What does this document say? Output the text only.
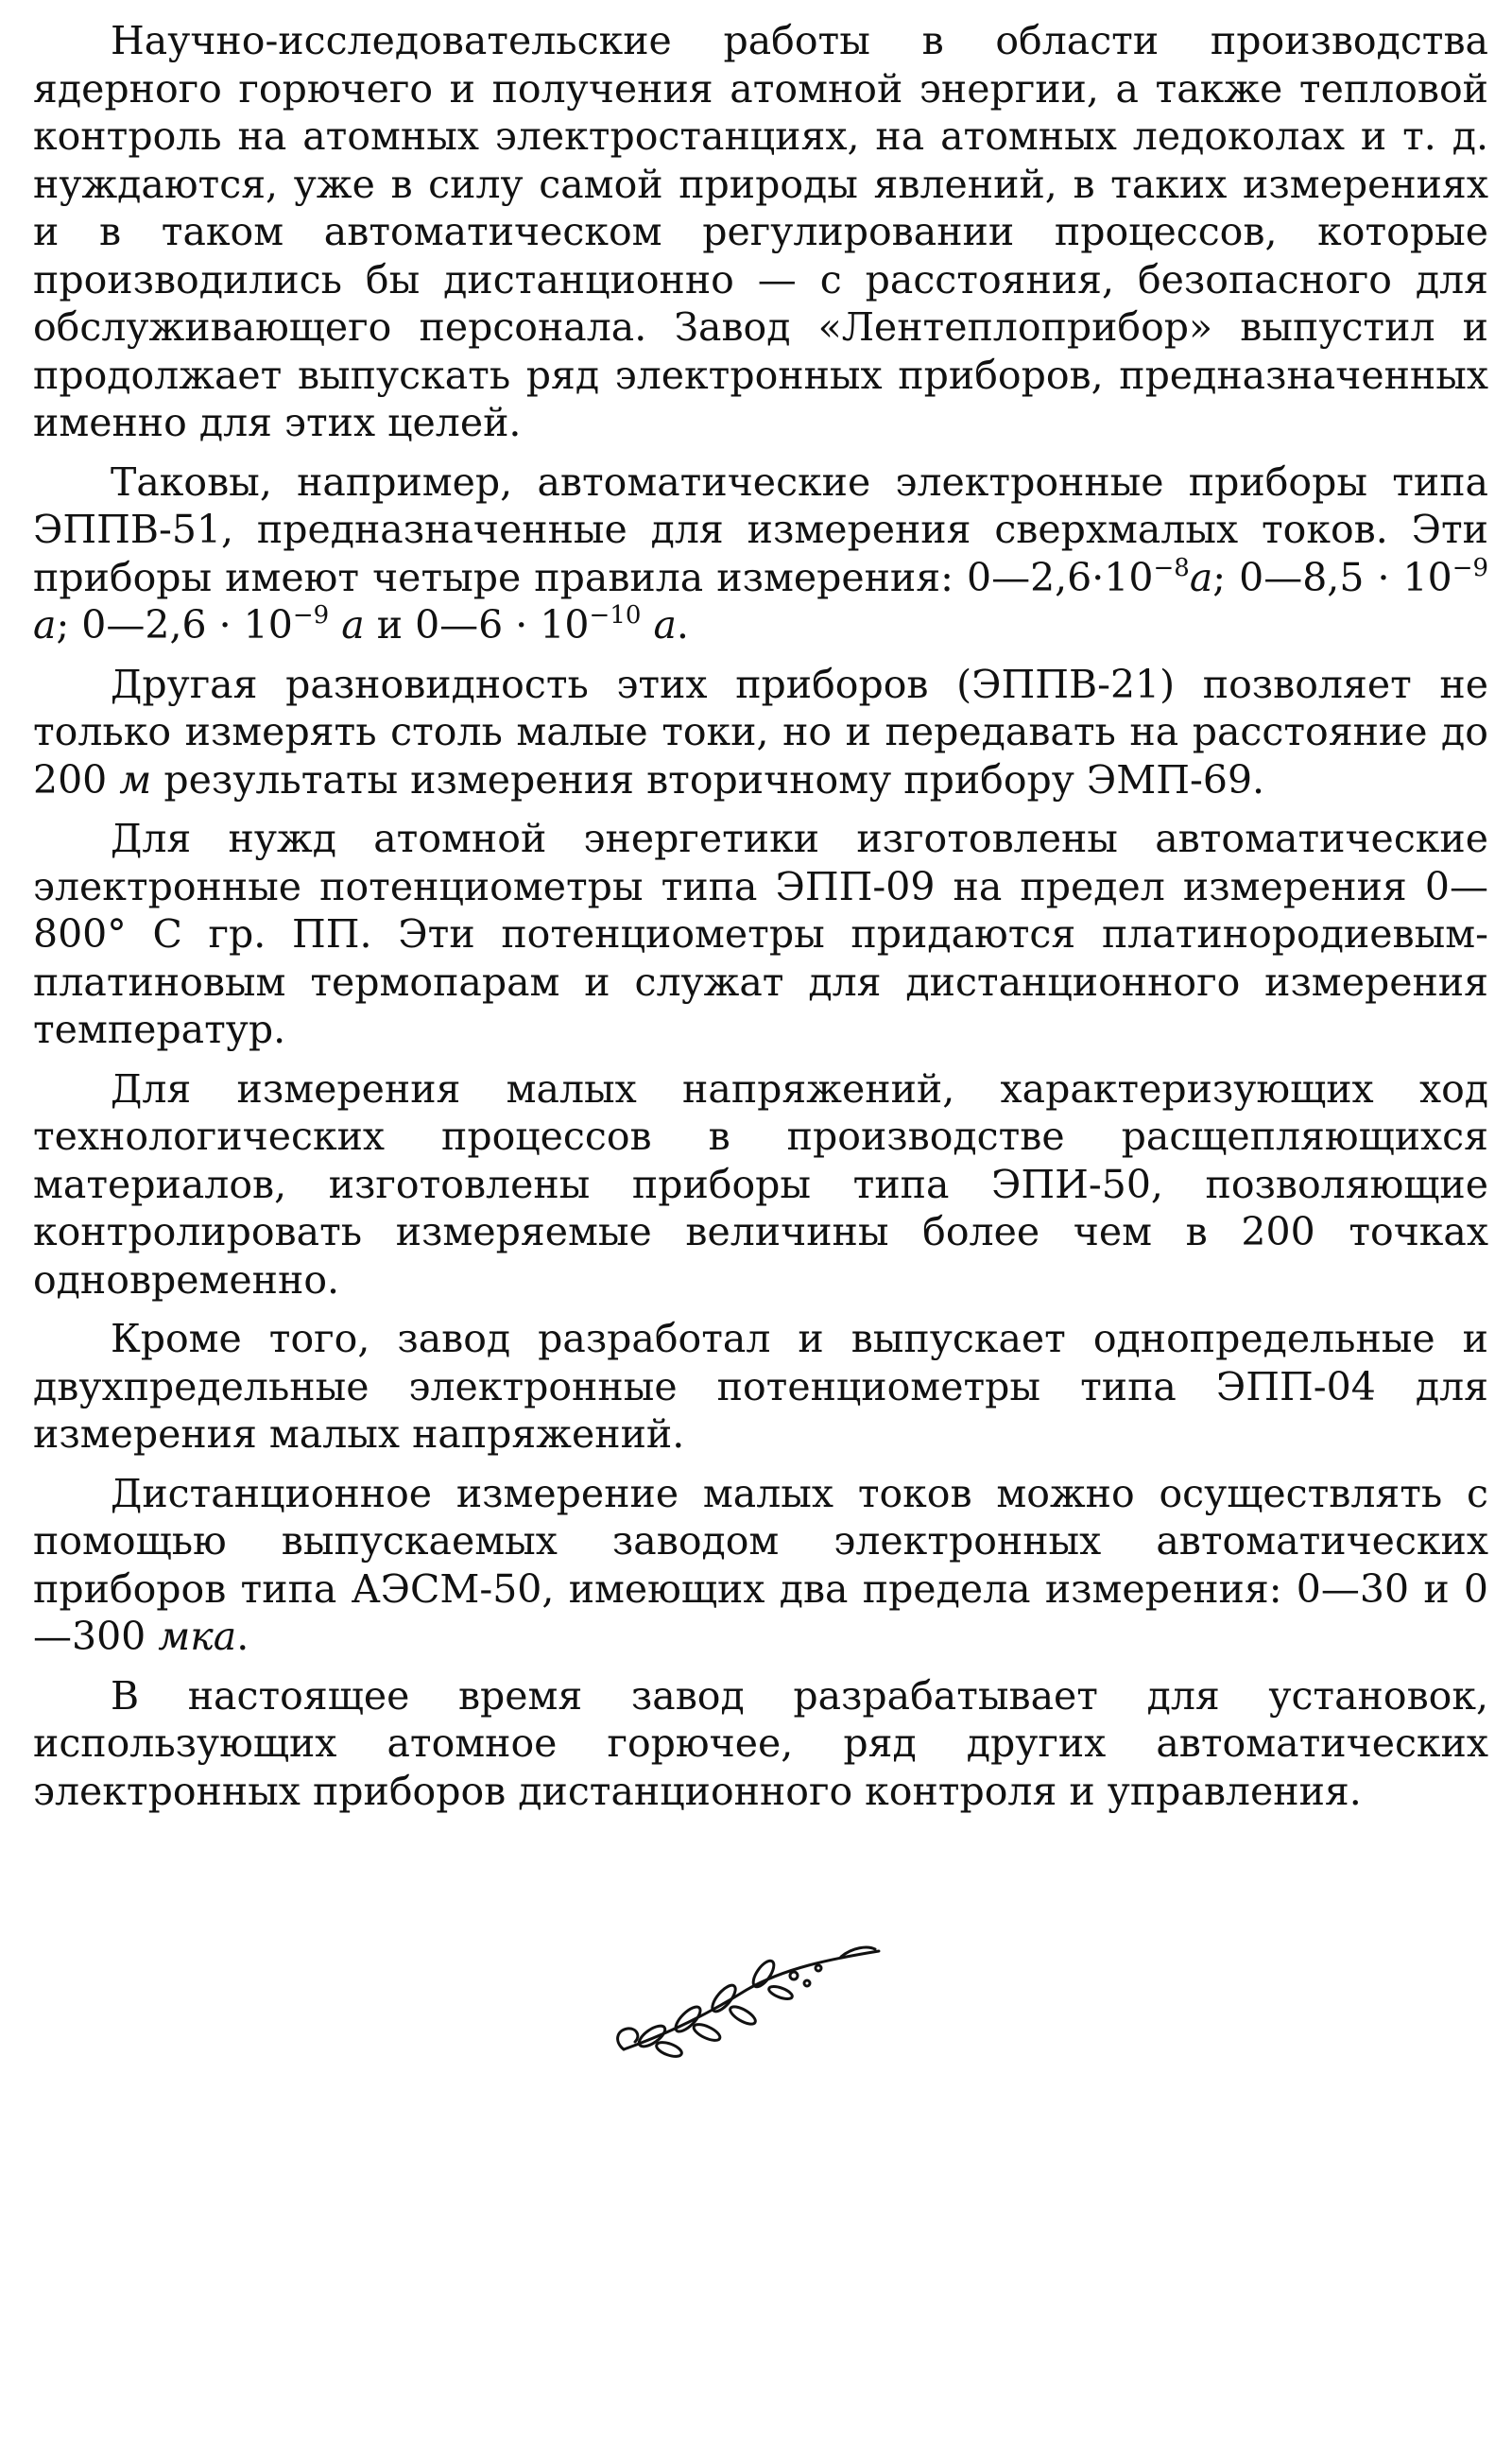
Научно-исследовательские работы в области производства ядерного горючего и получения атомной энергии, а также тепловой контроль на атомных электростанциях, на атомных ледоколах и т. д. нуждаются, уже в силу самой природы явлений, в таких измерениях и в таком автоматическом регулировании процессов, которые производились бы дистанционно — с расстояния, безопасного для обслуживающего персонала. Завод «Лентеплоприбор» выпустил и продолжает выпускать ряд электронных приборов, предназначенных именно для этих целей.

Таковы, например, автоматические электронные приборы типа ЭППВ-51, предназначенные для измерения сверхмалых токов. Эти приборы имеют четыре правила измерения: $0—2,6\cdot 10^{-8}а$; 0—8,5 · $10^{-9}$ а; 0—2,6 · $10^{-9}$ а и 0—6 · $10^{-10}$ а.

Другая разновидность этих приборов (ЭППВ-21) позволяет не только измерять столь малые токи, но и передавать на расстояние до 200 м результаты измерения вторичному прибору ЭМП-69.

Для нужд атомной энергетики изготовлены автоматические электронные потенциометры типа ЭПП-09 на предел измерения 0—800° С гр. ПП. Эти потенциометры придаются платинородиевым-платиновым термопарам и служат для дистанционного измерения температур.

Для измерения малых напряжений, характеризующих ход технологических процессов в производстве расщепляющихся материалов, изготовлены приборы типа ЭПИ-50, позволяющие контролировать измеряемые величины более чем в 200 точках одновременно.

Кроме того, завод разработал и выпускает однопредельные и двухпредельные электронные потенциометры типа ЭПП-04 для измерения малых напряжений.

Дистанционное измерение малых токов можно осуществлять с помощью выпускаемых заводом электронных автоматических приборов типа АЭСМ-50, имеющих два предела измерения: 0—30 и 0—300 мка.

В настоящее время завод разрабатывает для установок, использующих атомное горючее, ряд других автоматических электронных приборов дистанционного контроля и управления.
